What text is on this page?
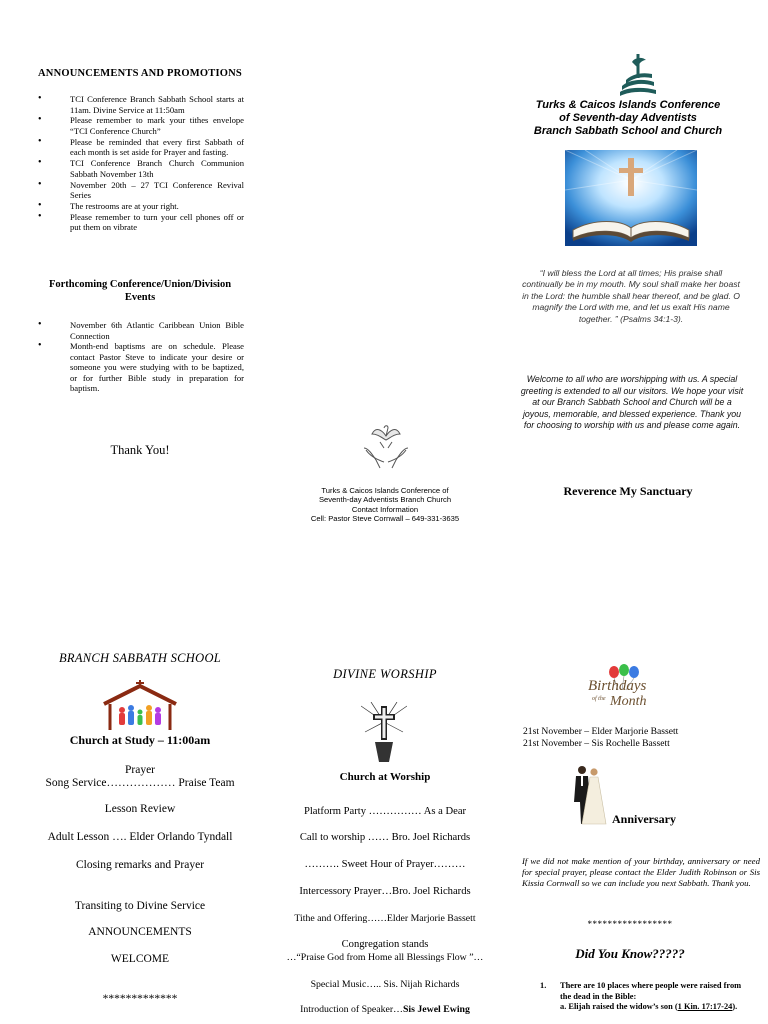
ANNOUNCEMENTS AND PROMOTIONS
• TCI Conference Branch Sabbath School starts at 11am. Divine Service at 11:50am
• Please remember to mark your tithes envelope “TCI Conference Church”
• Please be reminded that every first Sabbath of each month is set aside for Prayer and fasting.
• TCI Conference Branch Church Communion Sabbath November 13th
• November 20th – 27 TCI Conference Revival Series
• The restrooms are at your right.
• Please remember to turn your cell phones off or put them on vibrate
Forthcoming Conference/Union/Division Events
• November 6th Atlantic Caribbean Union Bible Connection
• Month-end baptisms are on schedule. Please contact Pastor Steve to indicate your desire or someone you were studying with to be baptized, or for further Bible study in preparation for baptism.
Thank You!
Turks & Caicos Islands Conference of
Seventh-day Adventists Branch Church
Contact Information
Cell: Pastor Steve Cornwall – 649-331-3635
Turks & Caicos Islands Conference
of Seventh-day Adventists
Branch Sabbath School and Church
“I will bless the Lord at all times; His praise shall continually be in my mouth. My soul shall make her boast in the Lord: the humble shall hear thereof, and be glad. O magnify the Lord with me, and let us exalt His name together. ” (Psalms 34:1-3).
Welcome to all who are worshipping with us. A special greeting is extended to all our visitors. We hope your visit at our Branch Sabbath School and Church will be a joyous, memorable, and blessed experience. Thank you for choosing to worship with us and please come again.
Reverence My Sanctuary
BRANCH SABBATH SCHOOL
Church at Study – 11:00am
Prayer
Song Service……………… Praise Team
Lesson Review
Adult Lesson …. Elder Orlando Tyndall
Closing remarks and Prayer
Transiting to Divine Service
ANNOUNCEMENTS
WELCOME
*************
DIVINE WORSHIP
Church at Worship
Platform Party …………… As a Dear
Call to worship …… Bro. Joel Richards
………. Sweet Hour of Prayer………
Intercessory Prayer…Bro. Joel Richards
Tithe and Offering……Elder Marjorie Bassett
Congregation stands
…“Praise God from Home all Blessings Flow ”…
Special Music….. Sis. Nijah Richards
Introduction of Speaker…Sis Jewel Ewing
Birthdays
of the Month
21st November – Elder Marjorie Bassett
21st November – Sis Rochelle Bassett
Anniversary
If we did not make mention of your birthday, anniversary or need for special prayer, please contact the Elder Judith Robinson or Sis Kissia Cornwall so we can include you next Sabbath. Thank you.
*****************
Did You Know?????
1. There are 10 places where people were raised from the dead in the Bible:
a. Elijah raised the widow’s son (1 Kin. 17:17-24).
